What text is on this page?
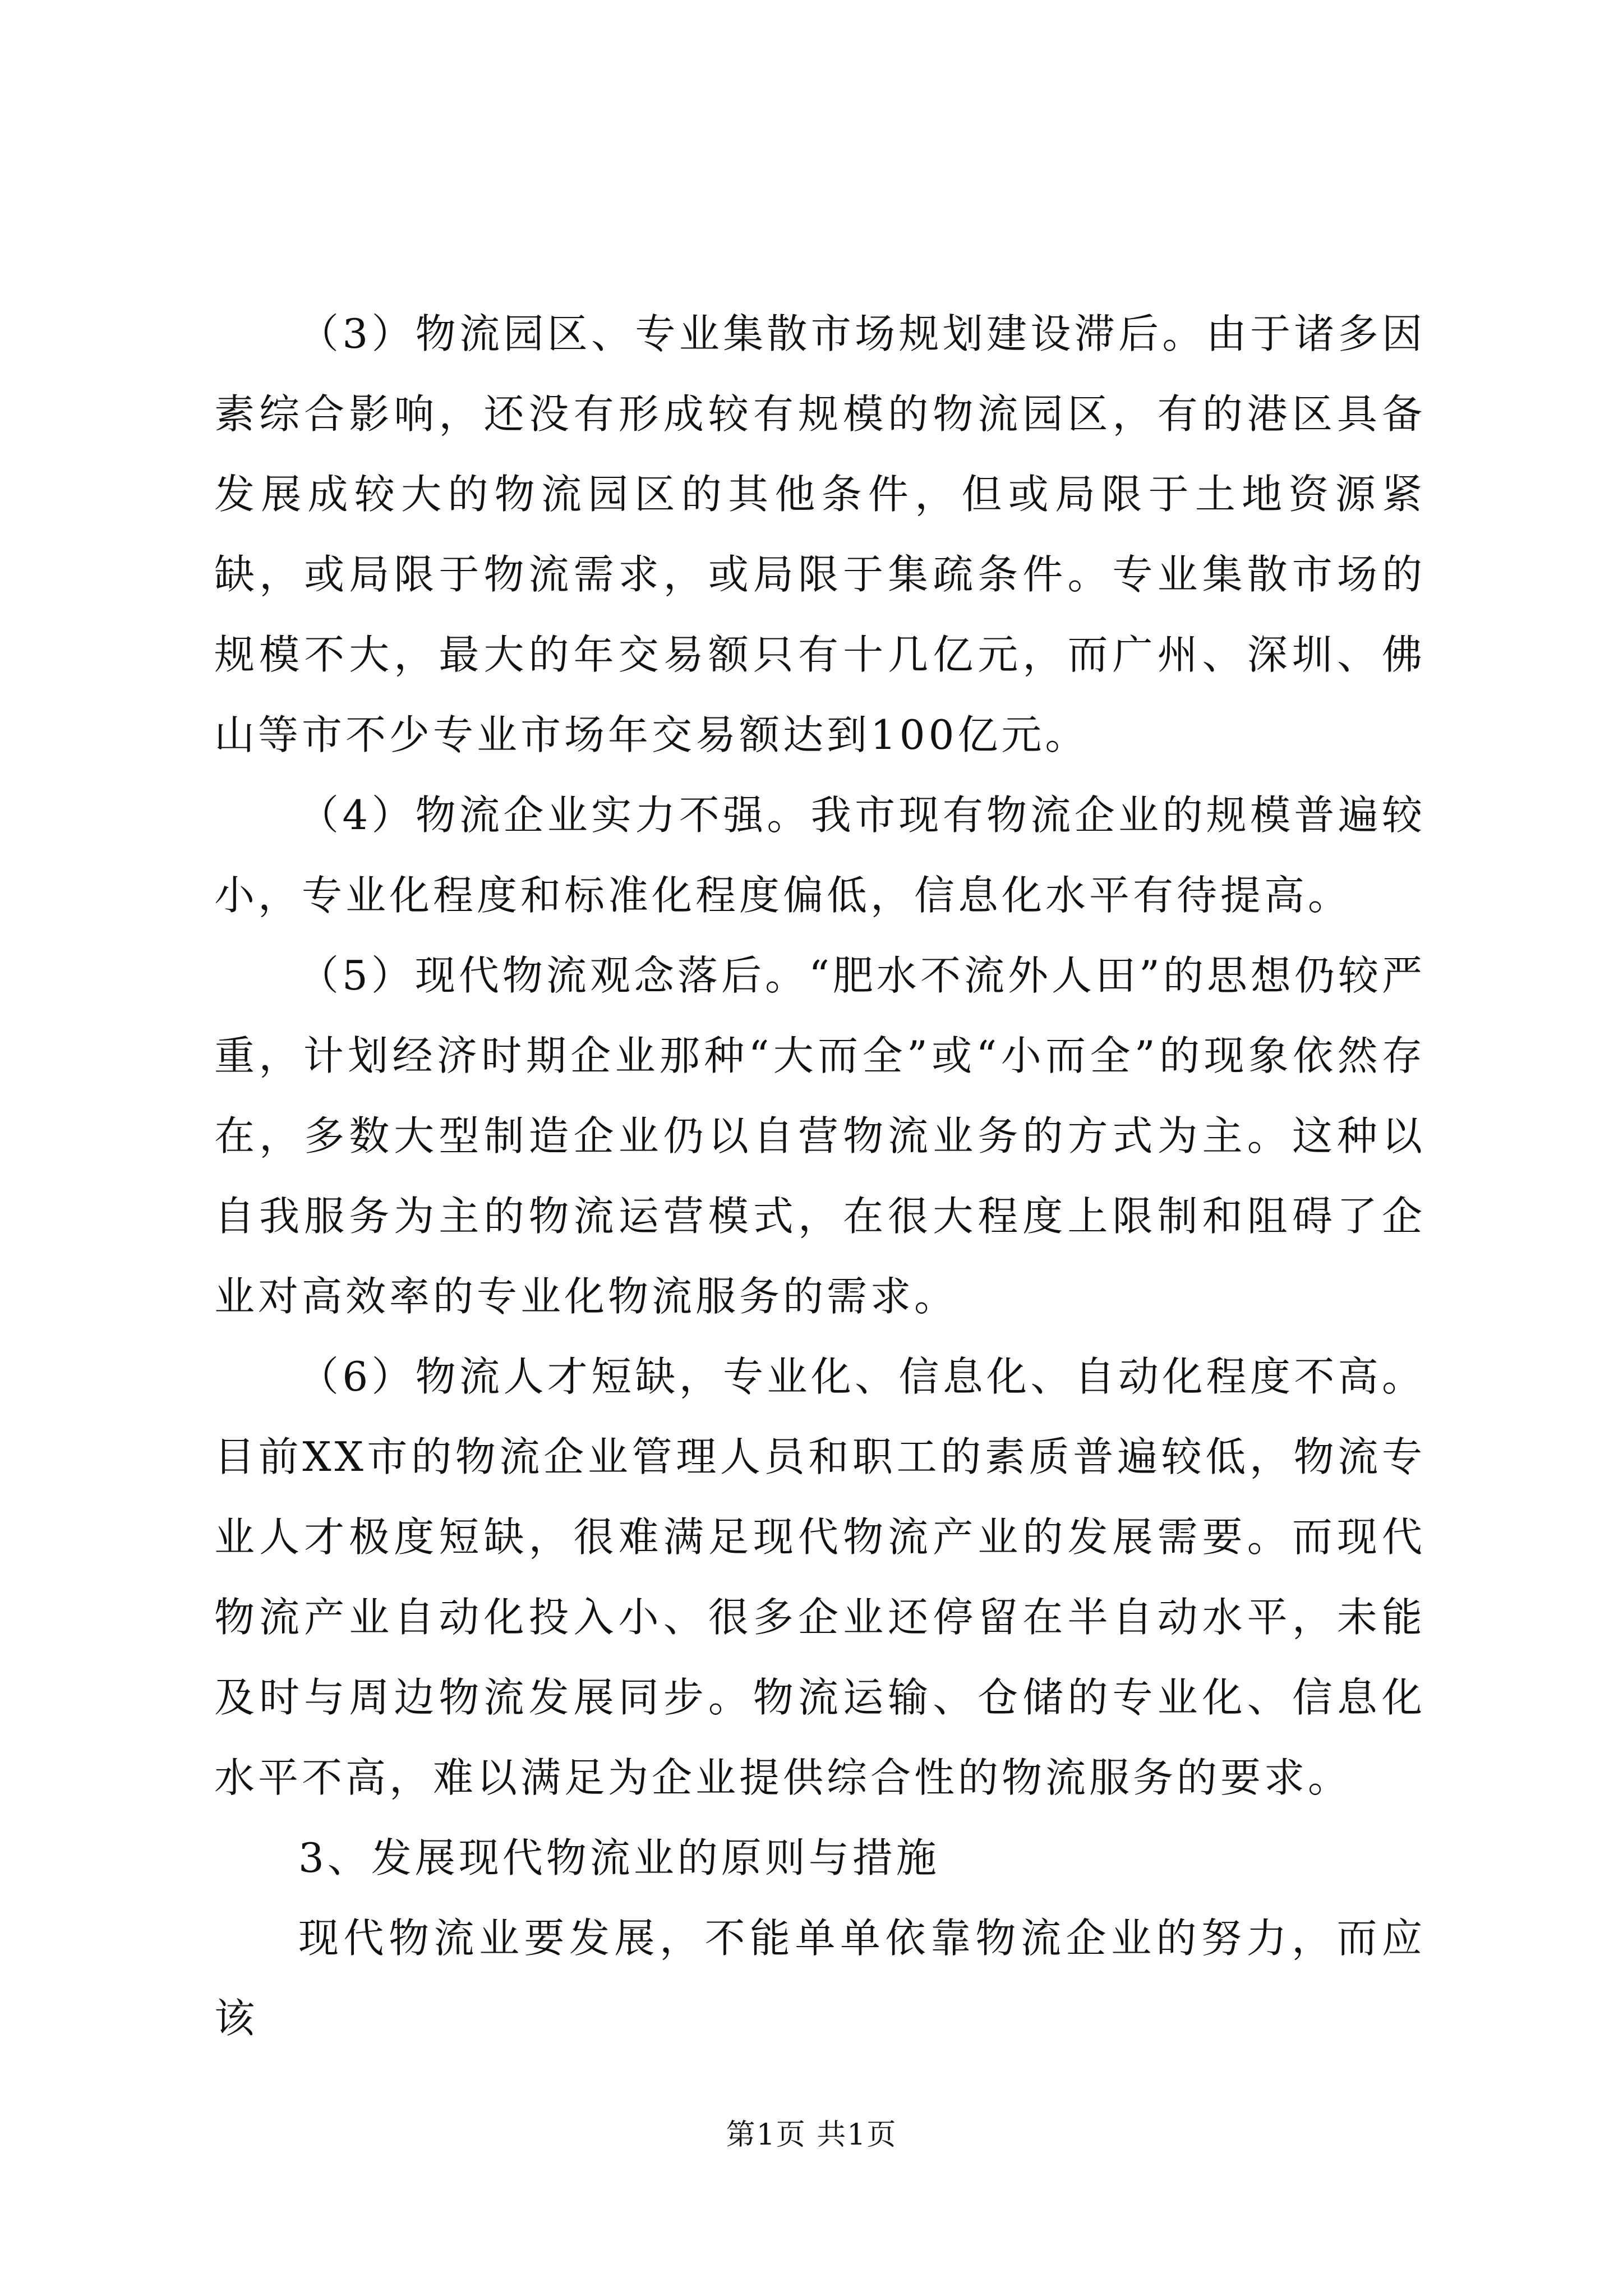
（3）物流园区、专业集散市场规划建设滞后。由于诸多因素综合影响，还没有形成较有规模的物流园区，有的港区具备发展成较大的物流园区的其他条件，但或局限于土地资源紧缺，或局限于物流需求，或局限于集疏条件。专业集散市场的规模不大，最大的年交易额只有十几亿元，而广州、深圳、佛山等市不少专业市场年交易额达到100亿元。

（4）物流企业实力不强。我市现有物流企业的规模普遍较小，专业化程度和标准化程度偏低，信息化水平有待提高。

（5）现代物流观念落后。“肥水不流外人田”的思想仍较严重，计划经济时期企业那种“大而全”或“小而全”的现象依然存在，多数大型制造企业仍以自营物流业务的方式为主。这种以自我服务为主的物流运营模式，在很大程度上限制和阻碍了企业对高效率的专业化物流服务的需求。

（6）物流人才短缺，专业化、信息化、自动化程度不高。目前XX市的物流企业管理人员和职工的素质普遍较低，物流专业人才极度短缺，很难满足现代物流产业的发展需要。而现代物流产业自动化投入小、很多企业还停留在半自动水平，未能及时与周边物流发展同步。物流运输、仓储的专业化、信息化水平不高，难以满足为企业提供综合性的物流服务的要求。

3、发展现代物流业的原则与措施

现代物流业要发展，不能单单依靠物流企业的努力，而应该

第1页 共1页
